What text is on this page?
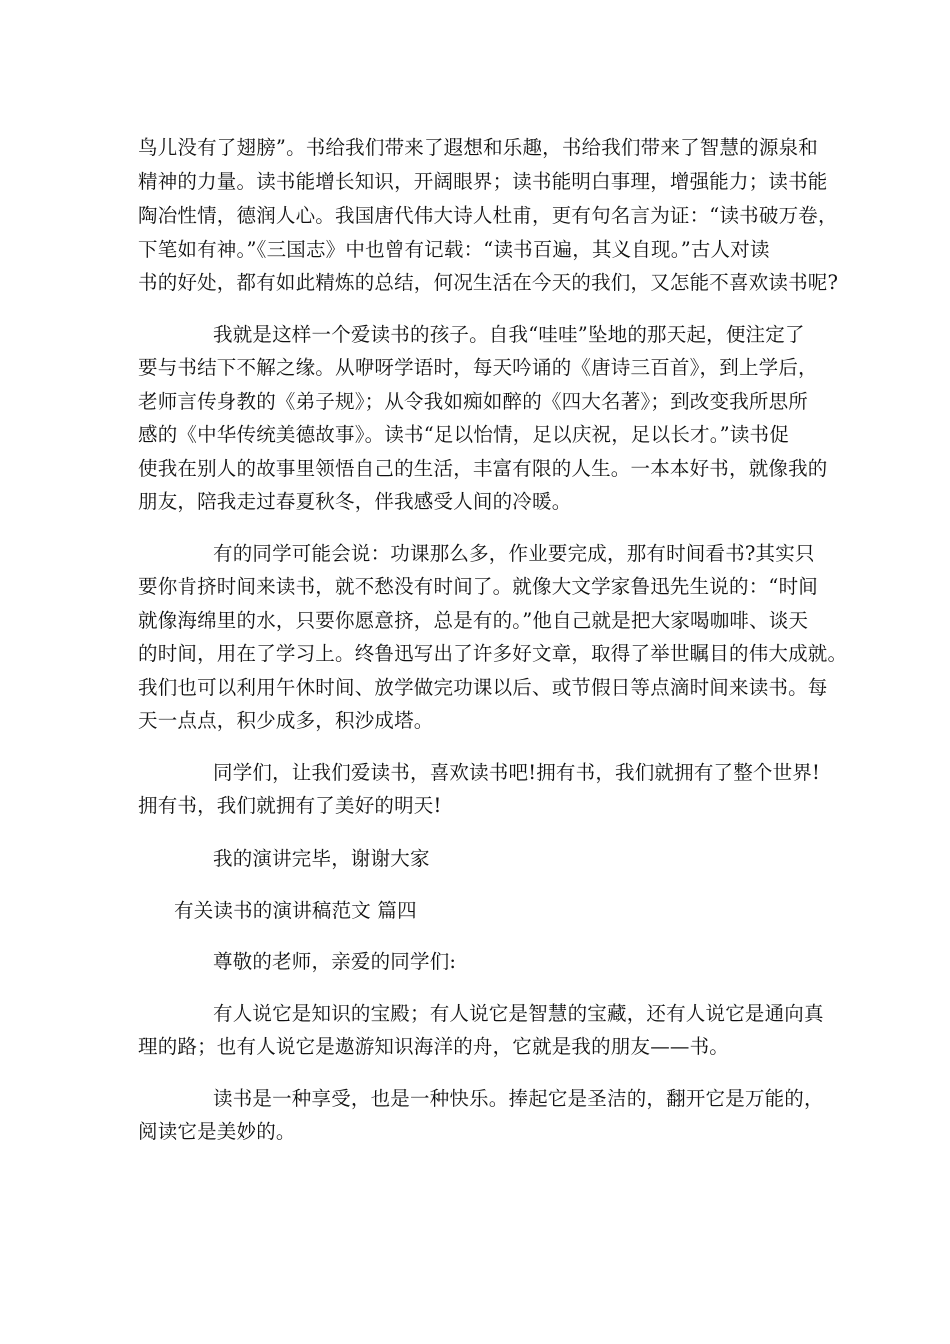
鸟儿没有了翅膀”。书给我们带来了遐想和乐趣，书给我们带来了智慧的源泉和
精神的力量。读书能增长知识，开阔眼界；读书能明白事理，增强能力；读书能
陶冶性情，德润人心。我国唐代伟大诗人杜甫，更有句名言为证：“读书破万卷，
下笔如有神。”《三国志》中也曾有记载：“读书百遍，其义自现。”古人对读
书的好处，都有如此精炼的总结，何况生活在今天的我们，又怎能不喜欢读书呢?
我就是这样一个爱读书的孩子。自我“哇哇”坠地的那天起，便注定了
要与书结下不解之缘。从咿呀学语时，每天吟诵的《唐诗三百首》，到上学后，
老师言传身教的《弟子规》；从令我如痴如醉的《四大名著》；到改变我所思所
感的《中华传统美德故事》。读书“足以怡情，足以庆祝，足以长才。”读书促
使我在别人的故事里领悟自己的生活，丰富有限的人生。一本本好书，就像我的
朋友，陪我走过春夏秋冬，伴我感受人间的冷暖。
有的同学可能会说：功课那么多，作业要完成，那有时间看书?其实只
要你肯挤时间来读书，就不愁没有时间了。就像大文学家鲁迅先生说的：“时间
就像海绵里的水，只要你愿意挤，总是有的。”他自己就是把大家喝咖啡、谈天
的时间，用在了学习上。终鲁迅写出了许多好文章，取得了举世瞩目的伟大成就。
我们也可以利用午休时间、放学做完功课以后、或节假日等点滴时间来读书。每
天一点点，积少成多，积沙成塔。
同学们，让我们爱读书，喜欢读书吧!拥有书，我们就拥有了整个世界!
拥有书，我们就拥有了美好的明天!
我的演讲完毕，谢谢大家
有关读书的演讲稿范文 篇四
尊敬的老师，亲爱的同学们:
有人说它是知识的宝殿；有人说它是智慧的宝藏，还有人说它是通向真
理的路；也有人说它是遨游知识海洋的舟，它就是我的朋友——书。
读书是一种享受，也是一种快乐。捧起它是圣洁的，翻开它是万能的，
阅读它是美妙的。
